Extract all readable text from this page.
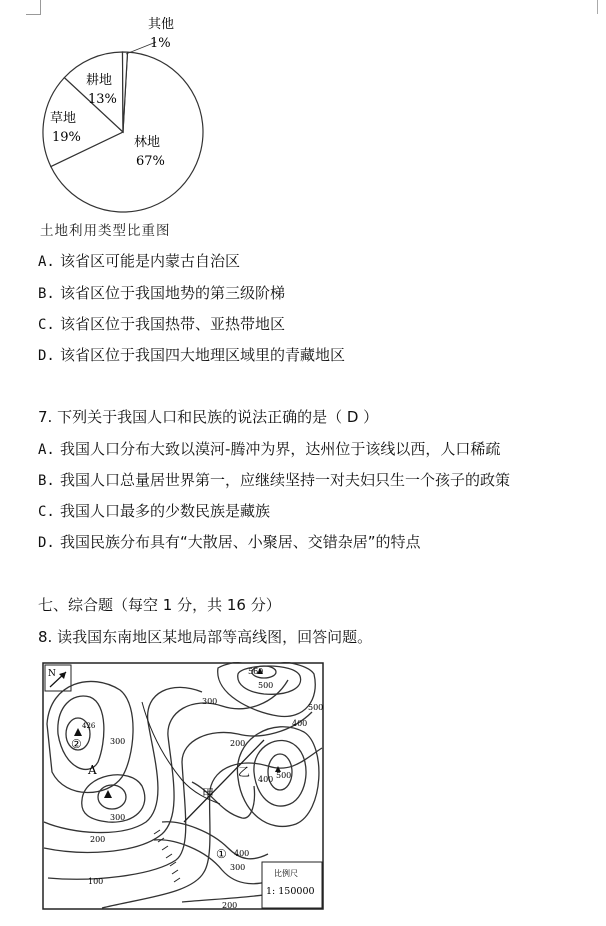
林地
67%
草地
19%
耕地
13%
其他
1%
土地利用类型比重图
A. 该省区可能是内蒙古自治区
B. 该省区位于我国地势的第三级阶梯
C. 该省区位于我国热带、亚热带地区
D. 该省区位于我国四大地理区域里的青藏地区
7. 下列关于我国人口和民族的说法正确的是（ D ）
A. 我国人口分布大致以漠河-腾冲为界，达州位于该线以西，人口稀疏
B. 我国人口总量居世界第一，应继续坚持一对夫妇只生一个孩子的政策
C. 我国人口最多的少数民族是藏族
D. 我国民族分布具有“大散居、小聚居、交错杂居”的特点
七、综合题（每空 1 分，共 16 分）
8. 读我国东南地区某地局部等高线图，回答问题。
N
426
②
A
甲
乙
①
560
500
500
400
300
300
300
200
200
200
100
400
300
500
400
比例尺
1: 150000
